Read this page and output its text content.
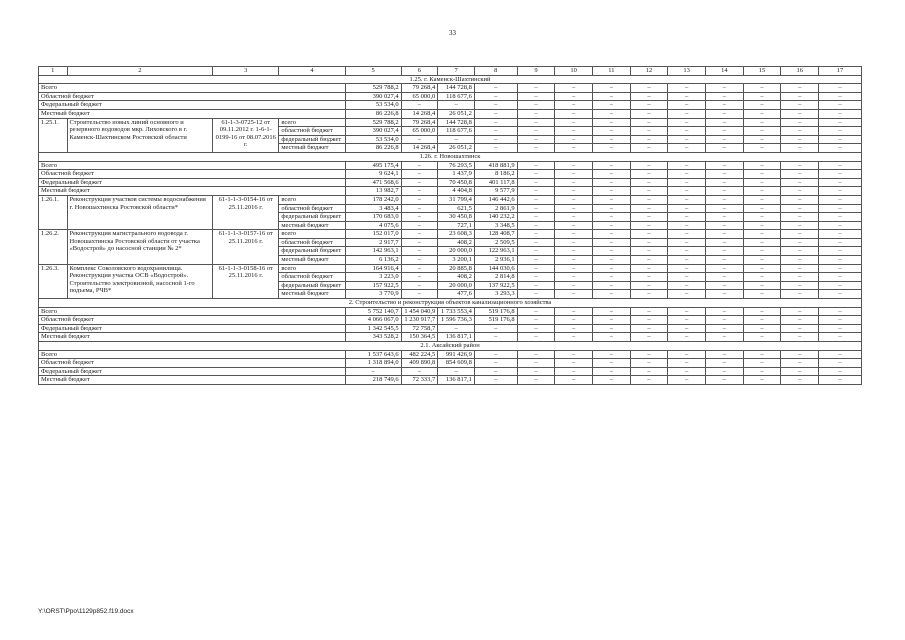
33
1	2	3	4	5	6	7	8	9	10	11	12	13	14	15	16	17
1.25. г. Каменск-Шахтинский																
Всего				529 788,2	79 268,4	144 728,8	–	–	–	–	–	–	–	–	–	–
Областной бюджет				390 027,4	65 000,0	118 677,6	–	–	–	–	–	–	–	–	–	–
Федеральный бюджет				53 534,0	–	–	–	–	–	–	–	–	–	–	–	–
Местный бюджет				86 226,8	14 268,4	26 051,2	–	–	–	–	–	–	–	–	–	–
1.25.1.	Строительство новых линий основного и резервного водоводов мкр. Лиховского в г. Каменск-Шахтинском Ростовской области	61-1-3-0725-12 от 09.11.2012 г. 1-6-1-0199-16 от 08.07.2016 г.	всего	529 788,2	79 268,4	144 728,8	–	–	–	–	–	–	–	–	–	–
			областной бюджет	390 027,4	65 000,0	118 677,6	–	–	–	–	–	–	–	–	–	–
			федеральный бюджет	53 534,0	–	–	–	–	–	–	–	–	–	–	–	–
			местный бюджет	86 226,8	14 268,4	26 051,2	–	–	–	–	–	–	–	–	–	–
1.26. г. Новошахтинск																
Всего				495 175,4	–	76 293,5	418 881,9	–	–	–	–	–	–	–	–	–
Областной бюджет				9 624,1	–	1 437,9	8 186,2	–	–	–	–	–	–	–	–	–
Федеральный бюджет				471 568,6	–	70 450,8	401 117,8	–	–	–	–	–	–	–	–	–
Местный бюджет				13 982,7	–	4 404,8	9 577,9	–	–	–	–	–	–	–	–	–
1.26.1.	Реконструкция участков системы водоснабжения г. Новошахтинска Ростовской области*	61-1-1-3-0154-16 от 25.11.2016 г.	всего	178 242,0	–	31 799,4	146 442,6	–	–	–	–	–	–	–	–	–
			областной бюджет	3 483,4	–	621,5	2 861,9	–	–	–	–	–	–	–	–	–
			федеральный бюджет	170 683,0	–	30 450,8	140 232,2	–	–	–	–	–	–	–	–	–
			местный бюджет	4 075,6	–	727,1	3 348,5	–	–	–	–	–	–	–	–	–
1.26.2.	Реконструкция магистрального водовода г. Новошахтинска Ростовской области от участка «Водострой» до насосной станции № 2*	61-1-1-3-0157-16 от 25.11.2016 г.	всего	152 017,0	–	23 608,3	128 408,7	–	–	–	–	–	–	–	–	–
			областной бюджет	2 917,7	–	408,2	2 509,5	–	–	–	–	–	–	–	–	–
			федеральный бюджет	142 963,1	–	20 000,0	122 963,1	–	–	–	–	–	–	–	–	–
			местный бюджет	6 136,2	–	3 200,1	2 936,1	–	–	–	–	–	–	–	–	–
1.26.3.	Комплекс Соколовского водохранилища. Реконструкция участка ОСВ «Водострой». Строительство электровизной, насосной 1-го подъема, РЧВ*	61-1-1-3-0158-16 от 25.11.2016 г.	всего	164 916,4	–	20 885,8	144 030,6	–	–	–	–	–	–	–	–	–
			областной бюджет	3 223,0	–	408,2	2 814,8	–	–	–	–	–	–	–	–	–
			федеральный бюджет	157 922,5	–	20 000,0	137 922,5	–	–	–	–	–	–	–	–	–
			местный бюджет	3 770,9	–	477,6	3 293,3	–	–	–	–	–	–	–	–	–
2. Строительство и реконструкция объектов канализационного хозяйства																
Всего				5 752 140,7	1 454 040,9	1 733 553,4	519 176,8	–	–	–	–	–	–	–	–	–
Областной бюджет				4 066 067,0	1 230 917,7	1 596 736,3	519 176,8	–	–	–	–	–	–	–	–	–
Федеральный бюджет				1 342 545,5	72 758,7	–	–	–	–	–	–	–	–	–	–	–
Местный бюджет				343 528,2	150 364,5	136 817,1	–	–	–	–	–	–	–	–	–	–
2.1. Аксайский район																
Всего				1 537 643,6	482 224,5	991 426,9	–	–	–	–	–	–	–	–	–	–
Областной бюджет				1 318 894,0	409 890,8	854 609,8	–	–	–	–	–	–	–	–	–	–
Федеральный бюджет				–	–	–	–	–	–	–	–	–	–	–	–	–
Местный бюджет				218 749,6	72 333,7	136 817,1	–	–	–	–	–	–	–	–	–	–
Y:\ORST\Ppo\1129p852.f19.docx
